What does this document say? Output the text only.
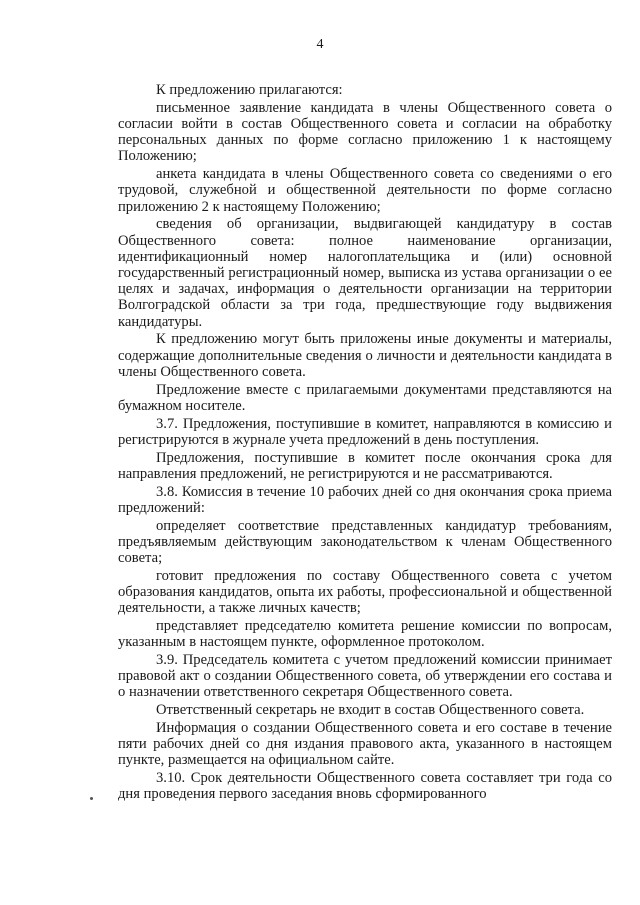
4

К предложению прилагаются:

письменное заявление кандидата в члены Общественного совета о согласии войти в состав Общественного совета и согласии на обработку персональных данных по форме согласно приложению 1 к настоящему Положению;

анкета кандидата в члены Общественного совета со сведениями о его трудовой, служебной и общественной деятельности по форме согласно приложению 2 к настоящему Положению;

сведения об организации, выдвигающей кандидатуру в состав Общественного совета: полное наименование организации, идентификационный номер налогоплательщика и (или) основной государственный регистрационный номер, выписка из устава организации о ее целях и задачах, информация о деятельности организации на территории Волгоградской области за три года, предшествующие году выдвижения кандидатуры.

К предложению могут быть приложены иные документы и материалы, содержащие дополнительные сведения о личности и деятельности кандидата в члены Общественного совета.

Предложение вместе с прилагаемыми документами представляются на бумажном носителе.

3.7. Предложения, поступившие в комитет, направляются в комиссию и регистрируются в журнале учета предложений в день поступления.

Предложения, поступившие в комитет после окончания срока для направления предложений, не регистрируются и не рассматриваются.

3.8. Комиссия в течение 10 рабочих дней со дня окончания срока приема предложений:

определяет соответствие представленных кандидатур требованиям, предъявляемым действующим законодательством к членам Общественного совета;

готовит предложения по составу Общественного совета с учетом образования кандидатов, опыта их работы, профессиональной и общественной деятельности, а также личных качеств;

представляет председателю комитета решение комиссии по вопросам, указанным в настоящем пункте, оформленное протоколом.

3.9. Председатель комитета с учетом предложений комиссии принимает правовой акт о создании Общественного совета, об утверждении его состава и о назначении ответственного секретаря Общественного совета.

Ответственный секретарь не входит в состав Общественного совета.

Информация о создании Общественного совета и его составе в течение пяти рабочих дней со дня издания правового акта, указанного в настоящем пункте, размещается на официальном сайте.

3.10. Срок деятельности Общественного совета составляет три года со дня проведения первого заседания вновь сформированного
